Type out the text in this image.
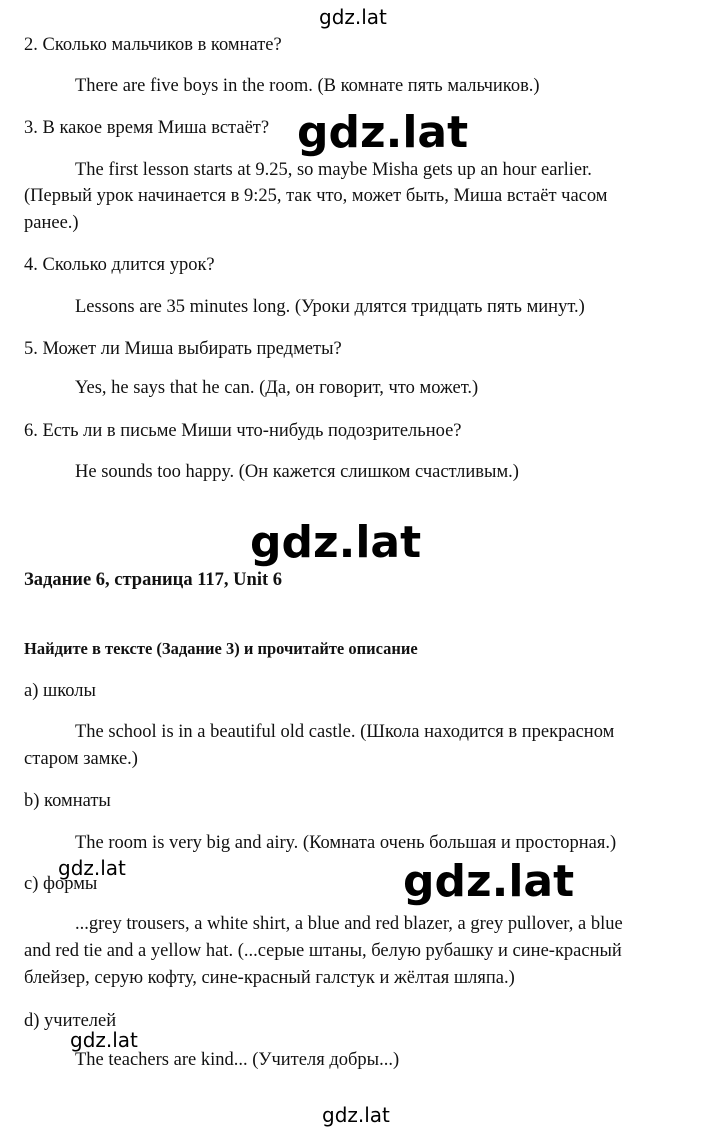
gdz.lat
2. Сколько мальчиков в комнате?
There are five boys in the room. (В комнате пять мальчиков.)
3. В какое время Миша встаёт?
The first lesson starts at 9.25, so maybe Misha gets up an hour earlier.
(Первый урок начинается в 9:25, так что, может быть, Миша встаёт часом
ранее.)
gdz.lat
4. Сколько длится урок?
Lessons are 35 minutes long. (Уроки длятся тридцать пять минут.)
5. Может ли Миша выбирать предметы?
Yes, he says that he can. (Да, он говорит, что может.)
6. Есть ли в письме Миши что-нибудь подозрительное?
He sounds too happy. (Он кажется слишком счастливым.)
Задание 6, страница 117, Unit 6
gdz.lat
Найдите в тексте (Задание 3) и прочитайте описание
a) школы
The school is in a beautiful old castle. (Школа находится в прекрасном
старом замке.)
b) комнаты
The room is very big and airy. (Комната очень большая и просторная.)
c) формы
gdz.lat	gdz.lat
...grey trousers, a white shirt, a blue and red blazer, a grey pullover, a blue
and red tie and a yellow hat. (...серые штаны, белую рубашку и сине-красный
блейзер, серую кофту, сине-красный галстук и жёлтая шляпа.)
d) учителей
gdz.lat
The teachers are kind... (Учителя добры...)
gdz.lat
